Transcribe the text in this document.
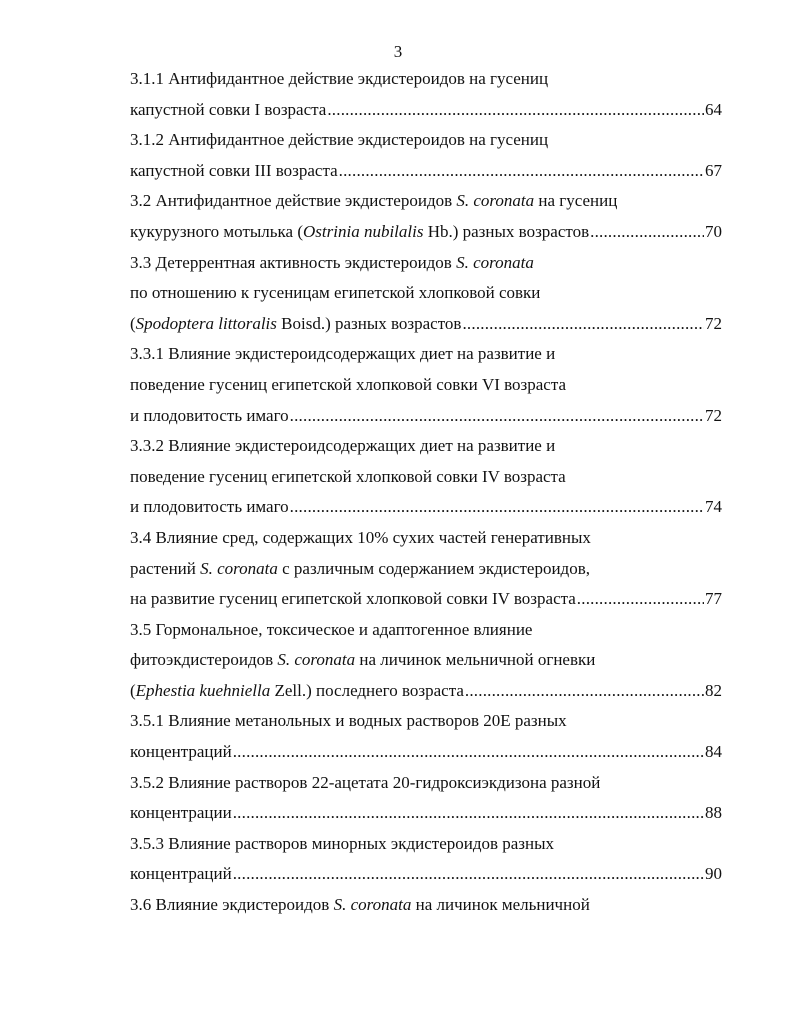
3
3.1.1 Антифидантное действие экдистероидов на гусениц
капустной совки I возраста .....	64
3.1.2 Антифидантное действие экдистероидов на гусениц
капустной совки III возраста .....	67
3.2 Антифидантное действие экдистероидов S. coronata на гусениц
кукурузного мотылька (Ostrinia nubilalis Hb.) разных возрастов .....	70
3.3 Детеррентная активность экдистероидов S. coronata
по отношению к гусеницам египетской хлопковой совки
(Spodoptera littoralis Boisd.) разных возрастов .....	72
3.3.1 Влияние экдистероидсодержащих диет на развитие и
поведение гусениц египетской хлопковой совки VI возраста
и плодовитость имаго .....	72
3.3.2 Влияние экдистероидсодержащих диет на развитие и
поведение гусениц египетской хлопковой совки IV возраста
и плодовитость имаго .....	74
3.4 Влияние сред, содержащих 10% сухих частей генеративных
растений S. coronata с различным содержанием экдистероидов,
на развитие гусениц египетской хлопковой совки IV возраста .....	77
3.5 Гормональное, токсическое и адаптогенное влияние
фитоэкдистероидов S. coronata на личинок мельничной огневки
(Ephestia kuehniella Zell.) последнего возраста .....	82
3.5.1 Влияние метанольных и водных растворов 20Е разных
концентраций .....	84
3.5.2 Влияние растворов 22-ацетата 20-гидроксиэкдизона разной
концентрации .....	88
3.5.3 Влияние растворов минорных экдистероидов разных
концентраций .....	90
3.6 Влияние экдистероидов S. coronata на личинок мельничной
